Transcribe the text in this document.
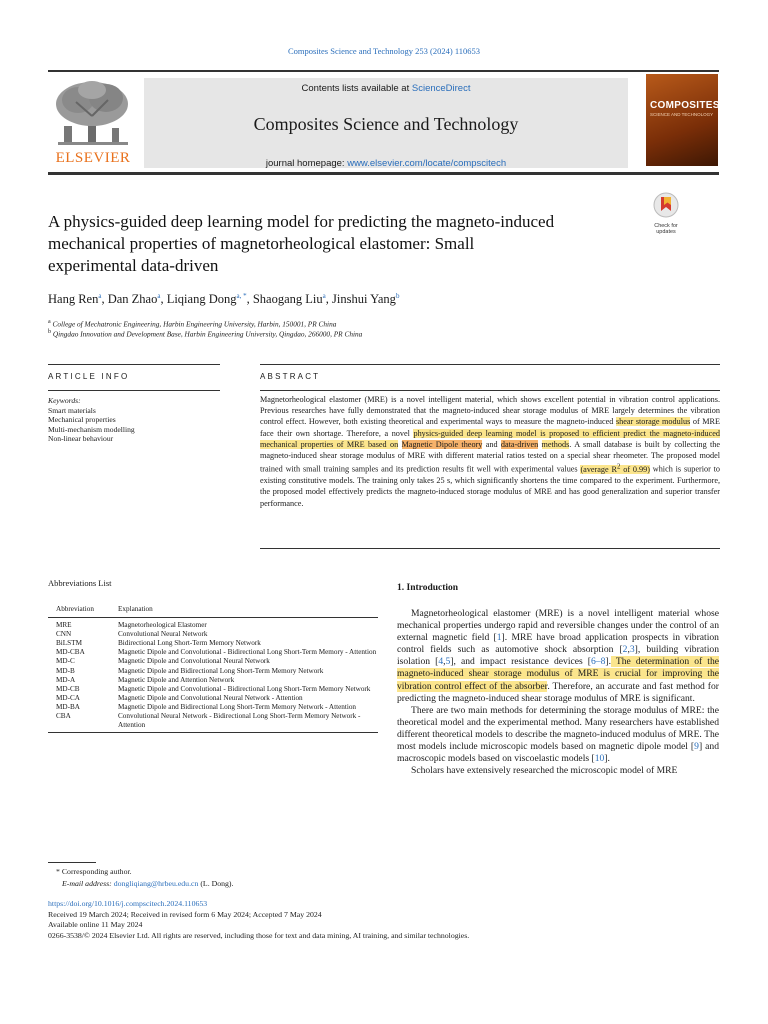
Composites Science and Technology 253 (2024) 110653
ELSEVIER
Contents lists available at ScienceDirect
Composites Science and Technology
journal homepage: www.elsevier.com/locate/compscitech
COMPOSITES
SCIENCE AND TECHNOLOGY
A physics-guided deep learning model for predicting the magneto-induced
mechanical properties of magnetorheological elastomer: Small
experimental data-driven
Check for
updates
Hang Ren$^a$, Dan Zhao$^a$, Liqiang Dong$^{a, *}$, Shaogang Liu$^a$, Jinshui Yang$^b$
$^a$ College of Mechatronic Engineering, Harbin Engineering University, Harbin, 150001, PR China
$^b$ Qingdao Innovation and Development Base, Harbin Engineering University, Qingdao, 266000, PR China
ARTICLE INFO
Keywords:
Smart materials
Mechanical properties
Multi-mechanism modelling
Non-linear behaviour
ABSTRACT
Magnetorheological elastomer (MRE) is a novel intelligent material, which shows excellent potential in vibration control applications. Previous researches have fully demonstrated that the magneto-induced shear storage modulus of MRE largely determines the vibration control effect. However, both existing theoretical and experimental ways to measure the magneto-induced shear storage modulus of MRE face their own shortage. Therefore, a novel physics-guided deep learning model is proposed to efficient predict the magneto-induced mechanical properties of MRE based on Magnetic Dipole theory and data-driven methods. A small database is built by collecting the magneto-induced shear storage modulus of MRE with different material ratios tested on a special shear rheometer. The proposed model trained with small training samples and its prediction results fit well with experimental values (average $R^2$ of 0.99) which is superior to existing constitutive models. The training only takes 25 s, which significantly shortens the time compared to the experiment. Furthermore, the proposed model effectively predicts the magneto-induced storage modulus of MRE and has good generalization and superior transfer performance.
Abbreviations List
Abbreviation	Explanation
MRE	Magnetorheological Elastomer
CNN	Convolutional Neural Network
BiLSTM	Bidirectional Long Short-Term Memory Network
MD-CBA	Magnetic Dipole and Convolutional - Bidirectional Long Short-Term Memory - Attention
MD-C	Magnetic Dipole and Convolutional Neural Network
MD-B	Magnetic Dipole and Bidirectional Long Short-Term Memory Network
MD-A	Magnetic Dipole and Attention Network
MD-CB	Magnetic Dipole and Convolutional - Bidirectional Long Short-Term Memory Network
MD-CA	Magnetic Dipole and Convolutional Neural Network - Attention
MD-BA	Magnetic Dipole and Bidirectional Long Short-Term Memory Network - Attention
CBA	Convolutional Neural Network - Bidirectional Long Short-Term Memory Network -Attention
1. Introduction

Magnetorheological elastomer (MRE) is a novel intelligent material whose mechanical properties undergo rapid and reversible changes under the control of an external magnetic field [1]. MRE have broad application prospects in vibration control fields such as automotive shock absorption [2,3], building vibration isolation [4,5], and impact resistance devices [6–8]. The determination of the magneto-induced shear storage modulus of MRE is crucial for improving the vibration control effect of the absorber. Therefore, an accurate and fast method for predicting the magneto-induced shear storage modulus of MRE is significant.

There are two main methods for determining the storage modulus of MRE: the theoretical model and the experimental method. Many researchers have established different theoretical models to describe the magneto-induced modulus of MRE. The most models include microscopic models based on magnetic dipole model [9] and macroscopic models based on viscoelastic models [10].

Scholars have extensively researched the microscopic model of MRE

* Corresponding author.
E-mail address: dongliqiang@hrbeu.edu.cn (L. Dong).
https://doi.org/10.1016/j.compscitech.2024.110653
Received 19 March 2024; Received in revised form 6 May 2024; Accepted 7 May 2024
Available online 11 May 2024
0266-3538/© 2024 Elsevier Ltd. All rights are reserved, including those for text and data mining, AI training, and similar technologies.
